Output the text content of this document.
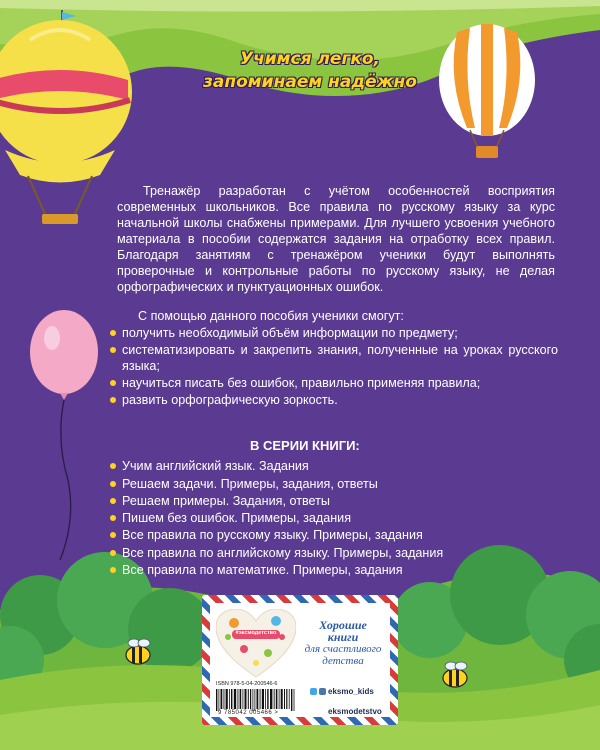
Учимся легко,
запоминаем надёжно

Тренажёр разработан с учётом особенностей восприятия современных школьников. Все правила по русскому языку за курс начальной школы снабжены примерами. Для лучшего усвоения учебного материала в пособии содержатся задания на отработку всех правил. Благодаря занятиям с тренажёром ученики будут выполнять проверочные и контрольные работы по русскому языку, не делая орфографических и пунктуационных ошибок.

С помощью данного пособия ученики смогут:

получить необходимый объём информации по предмету;
систематизировать и закрепить знания, полученные на уроках русского языка;
научиться писать без ошибок, правильно применяя правила;
развить орфографическую зоркость.

В СЕРИИ КНИГИ:

Учим английский язык. Задания
Решаем задачи. Примеры, задания, ответы
Решаем примеры. Задания, ответы
Пишем без ошибок. Примеры, задания
Все правила по русскому языку. Примеры, задания
Все правила по английскому языку. Примеры, задания
Все правила по математике. Примеры, задания
#эксмодетство
Хорошие
книги
для счастливого
детства
ISBN 978-5-04-200546-6
9 785042 005466 >
eksmo_kids
eksmodetstvo
